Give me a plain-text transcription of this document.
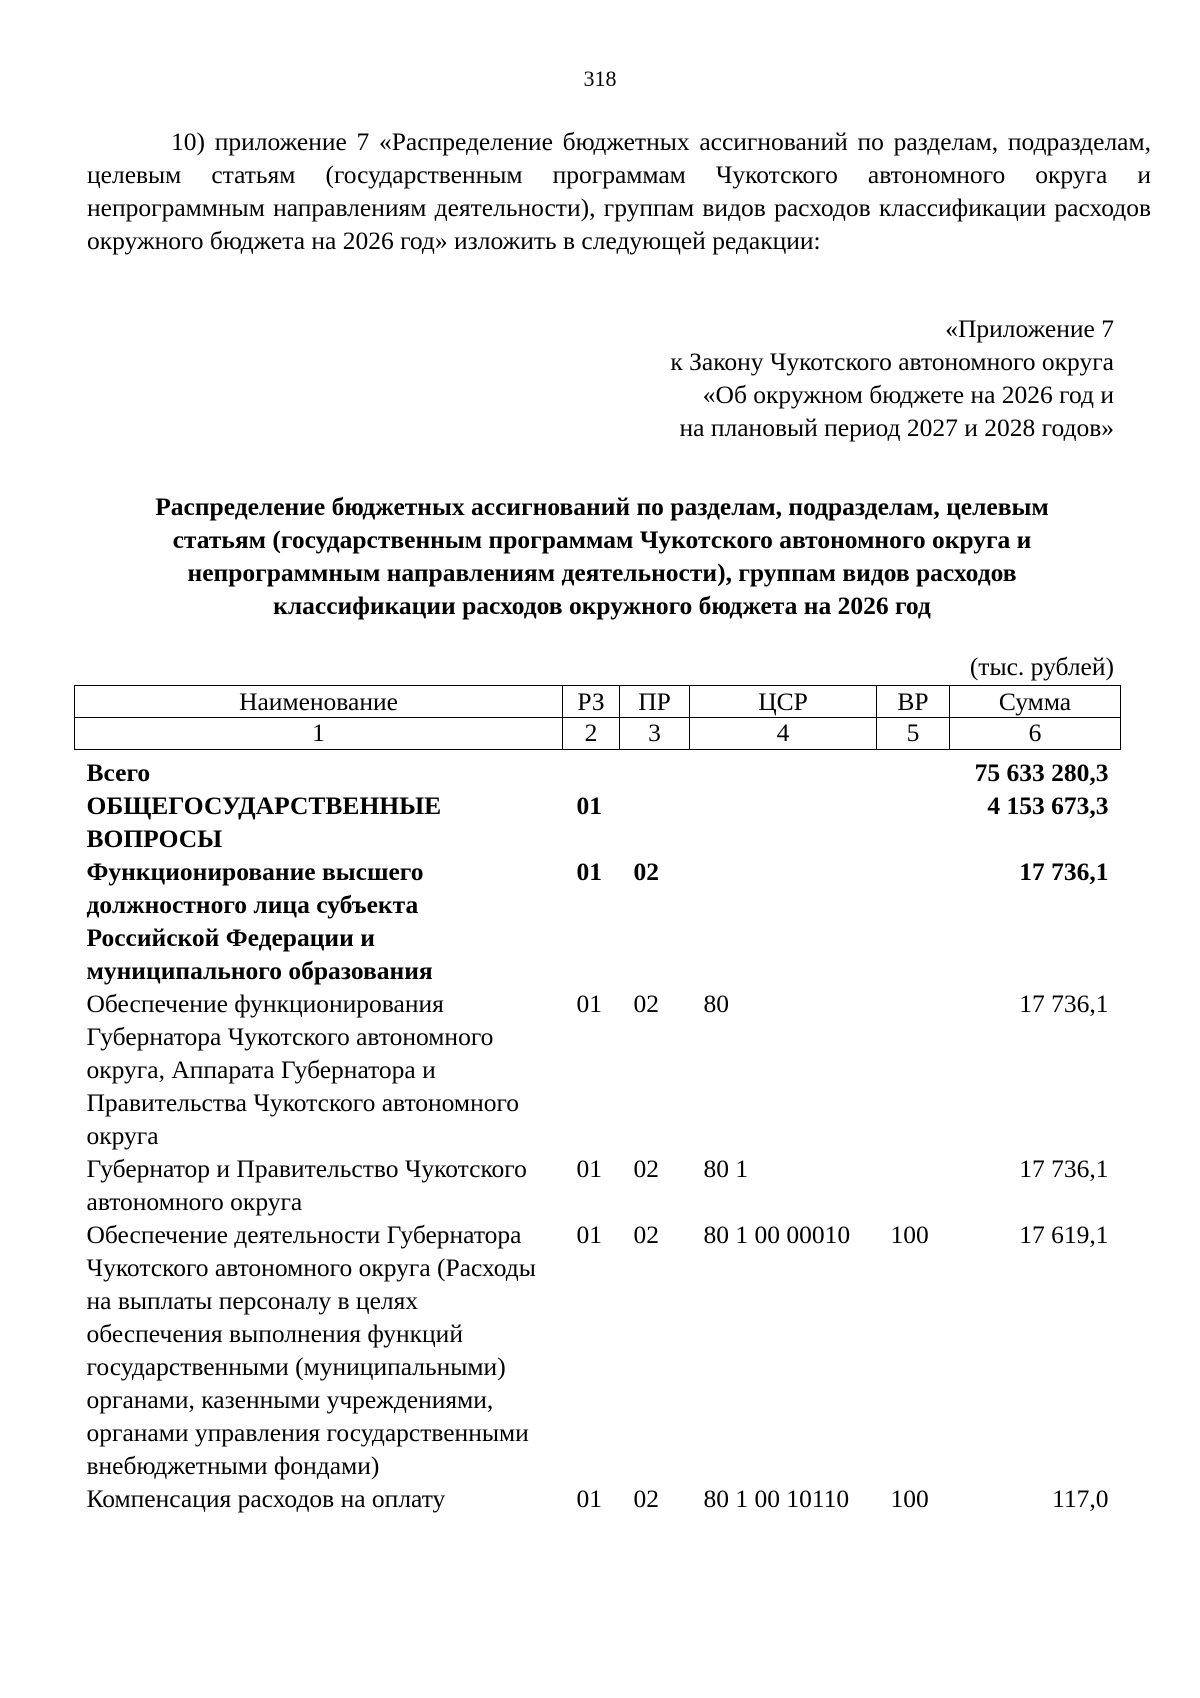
318

10) приложение 7 «Распределение бюджетных ассигнований по разделам, подразделам, целевым статьям (государственным программам Чукотского автономного округа и непрограммным направлениям деятельности), группам видов расходов классификации расходов окружного бюджета на 2026 год» изложить в следующей редакции:

«Приложение 7
к Закону Чукотского автономного округа
«Об окружном бюджете на 2026 год и
на плановый период 2027 и 2028 годов»
Распределение бюджетных ассигнований по разделам, подразделам, целевым
статьям (государственным программам Чукотского автономного округа и
непрограммным направлениям деятельности), группам видов расходов
классификации расходов окружного бюджета на 2026 год
(тыс. рублей)
Наименование	РЗ	ПР	ЦСР	ВР	Сумма
1	2	3	4	5	6
Всего					75 633 280,3
ОБЩЕГОСУДАРСТВЕННЫЕ ВОПРОСЫ	01				4 153 673,3
Функционирование высшего должностного лица субъекта Российской Федерации и муниципального образования	01	02			17 736,1
Обеспечение функционирования Губернатора Чукотского автономного округа, Аппарата Губернатора и Правительства Чукотского автономного округа	01	02	80		17 736,1
Губернатор и Правительство Чукотского автономного округа	01	02	80 1		17 736,1
Обеспечение деятельности Губернатора Чукотского автономного округа (Расходы на выплаты персоналу в целях обеспечения выполнения функций государственными (муниципальными) органами, казенными учреждениями, органами управления государственными внебюджетными фондами)	01	02	80 1 00 00010	100	17 619,1
Компенсация расходов на оплату	01	02	80 1 00 10110	100	117,0
